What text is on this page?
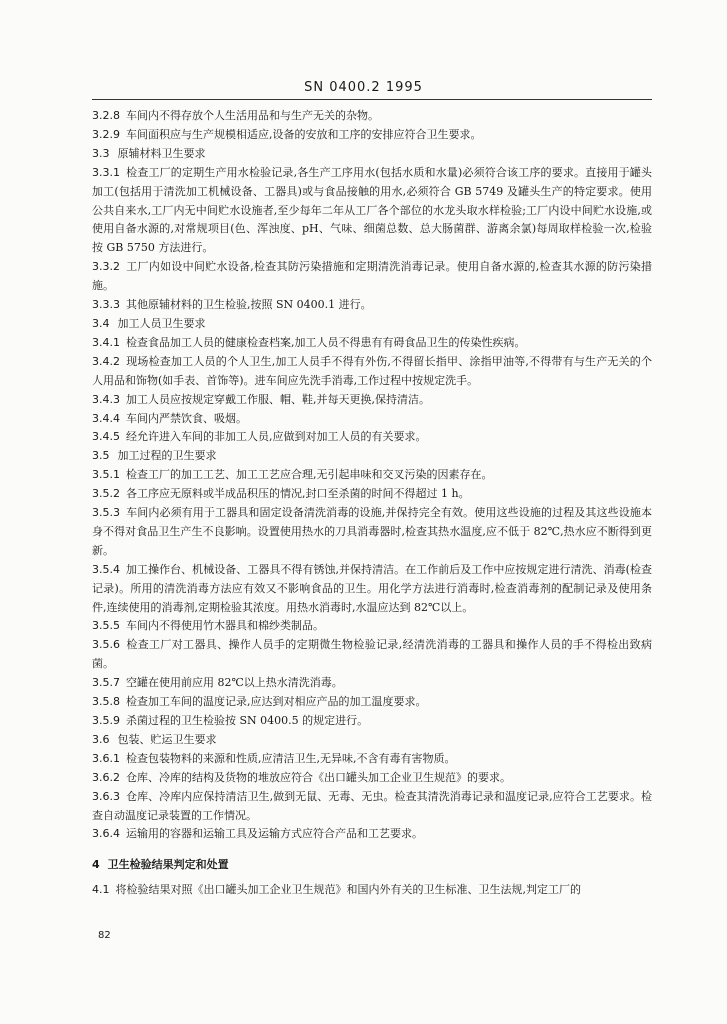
SN 0400.2 1995

3.2.8 车间内不得存放个人生活用品和与生产无关的杂物。

3.2.9 车间面积应与生产规模相适应,设备的安放和工序的安排应符合卫生要求。

3.3 原辅材料卫生要求

3.3.1 检查工厂的定期生产用水检验记录,各生产工序用水(包括水质和水量)必须符合该工序的要求。直接用于罐头加工(包括用于清洗加工机械设备、工器具)或与食品接触的用水,必须符合 GB 5749 及罐头生产的特定要求。使用公共自来水,工厂内无中间贮水设施者,至少每年二年从工厂各个部位的水龙头取水样检验;工厂内设中间贮水设施,或使用自备水源的,对常规项目(色、浑浊度、pH、气味、细菌总数、总大肠菌群、游离余氯)每周取样检验一次,检验按 GB 5750 方法进行。

3.3.2 工厂内如设中间贮水设备,检查其防污染措施和定期清洗消毒记录。使用自备水源的,检查其水源的防污染措施。

3.3.3 其他原辅材料的卫生检验,按照 SN 0400.1 进行。

3.4 加工人员卫生要求

3.4.1 检查食品加工人员的健康检查档案,加工人员不得患有有碍食品卫生的传染性疾病。

3.4.2 现场检查加工人员的个人卫生,加工人员手不得有外伤,不得留长指甲、涂指甲油等,不得带有与生产无关的个人用品和饰物(如手表、首饰等)。进车间应先洗手消毒,工作过程中按规定洗手。

3.4.3 加工人员应按规定穿戴工作服、帽、鞋,并每天更换,保持清洁。

3.4.4 车间内严禁饮食、吸烟。

3.4.5 经允许进入车间的非加工人员,应做到对加工人员的有关要求。

3.5 加工过程的卫生要求

3.5.1 检查工厂的加工工艺、加工工艺应合理,无引起串味和交叉污染的因素存在。

3.5.2 各工序应无原料或半成品积压的情况,封口至杀菌的时间不得超过 1 h。

3.5.3 车间内必须有用于工器具和固定设备清洗消毒的设施,并保持完全有效。使用这些设施的过程及其这些设施本身不得对食品卫生产生不良影响。设置使用热水的刀具消毒器时,检查其热水温度,应不低于 82℃,热水应不断得到更新。

3.5.4 加工操作台、机械设备、工器具不得有锈蚀,并保持清洁。在工作前后及工作中应按规定进行清洗、消毒(检查记录)。所用的清洗消毒方法应有效又不影响食品的卫生。用化学方法进行消毒时,检查消毒剂的配制记录及使用条件,连续使用的消毒剂,定期检验其浓度。用热水消毒时,水温应达到 82℃以上。

3.5.5 车间内不得使用竹木器具和棉纱类制品。

3.5.6 检查工厂对工器具、操作人员手的定期微生物检验记录,经清洗消毒的工器具和操作人员的手不得检出致病菌。

3.5.7 空罐在使用前应用 82℃以上热水清洗消毒。

3.5.8 检查加工车间的温度记录,应达到对相应产品的加工温度要求。

3.5.9 杀菌过程的卫生检验按 SN 0400.5 的规定进行。

3.6 包装、贮运卫生要求

3.6.1 检查包装物料的来源和性质,应清洁卫生,无异味,不含有毒有害物质。

3.6.2 仓库、冷库的结构及货物的堆放应符合《出口罐头加工企业卫生规范》的要求。

3.6.3 仓库、冷库内应保持清洁卫生,做到无鼠、无毒、无虫。检查其清洗消毒记录和温度记录,应符合工艺要求。检查自动温度记录装置的工作情况。

3.6.4 运输用的容器和运输工具及运输方式应符合产品和工艺要求。

4 卫生检验结果判定和处置

4.1 将检验结果对照《出口罐头加工企业卫生规范》和国内外有关的卫生标准、卫生法规,判定工厂的

82
